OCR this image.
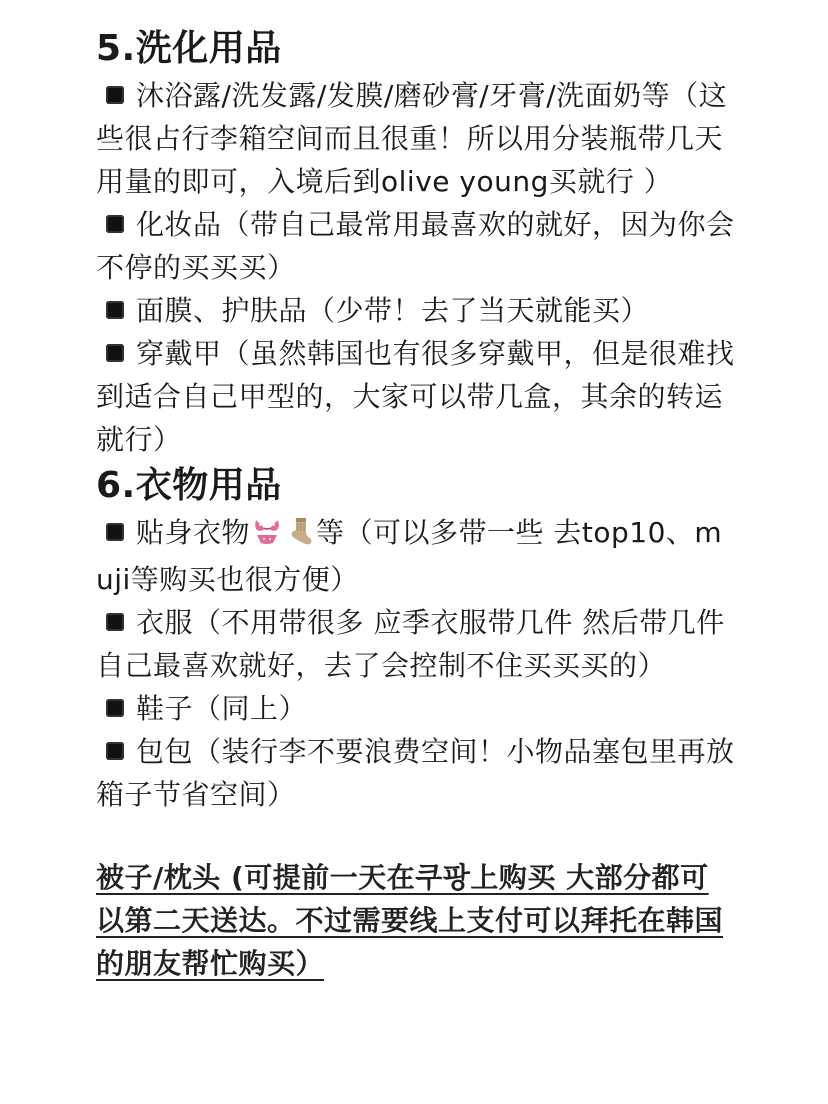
5.洗化用品

沐浴露/洗发露/发膜/磨砂膏/牙膏/洗面奶等（这些很占行李箱空间而且很重！所以用分装瓶带几天用量的即可，入境后到olive young买就行 ）

化妆品（带自己最常用最喜欢的就好，因为你会不停的买买买）

面膜、护肤品（少带！去了当天就能买）

穿戴甲（虽然韩国也有很多穿戴甲，但是很难找到适合自己甲型的，大家可以带几盒，其余的转运就行）

6.衣物用品

贴身衣物 等（可以多带一些 去top10、muji等购买也很方便）

衣服（不用带很多 应季衣服带几件 然后带几件自己最喜欢就好，去了会控制不住买买买的）

鞋子（同上）

包包（装行李不要浪费空间！小物品塞包里再放箱子节省空间）

被子/枕头 (可提前一天在쿠팡上购买 大部分都可以第二天送达。不过需要线上支付可以拜托在韩国的朋友帮忙购买）
